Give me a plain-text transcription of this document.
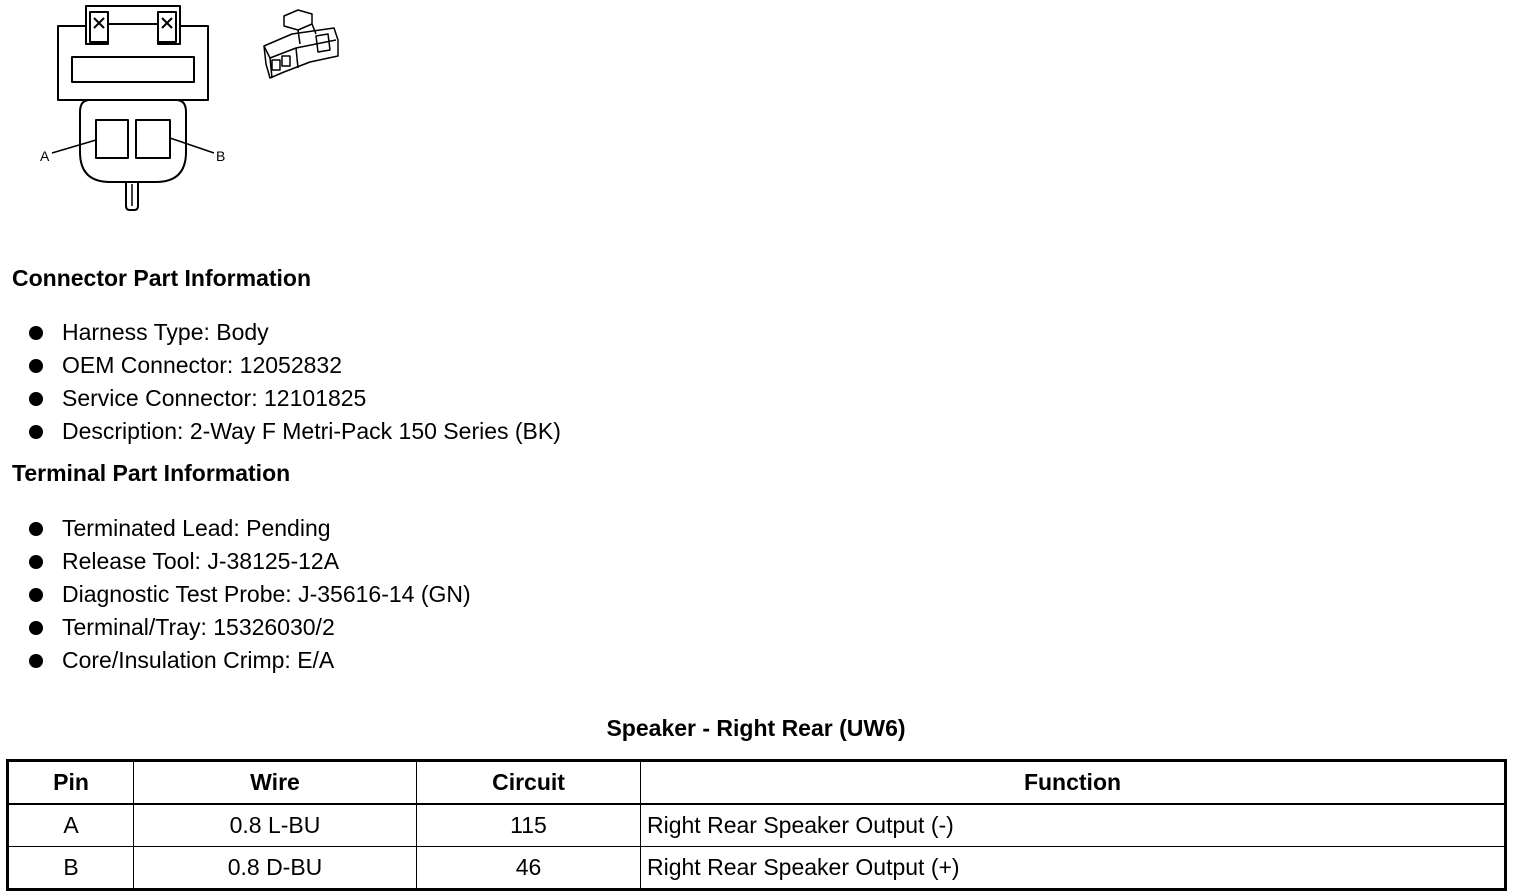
A	B
Connector Part Information
Harness Type: Body
OEM Connector: 12052832
Service Connector: 12101825
Description: 2-Way F Metri-Pack 150 Series (BK)
Terminal Part Information
Terminated Lead: Pending
Release Tool: J-38125-12A
Diagnostic Test Probe: J-35616-14 (GN)
Terminal/Tray: 15326030/2
Core/Insulation Crimp: E/A
Speaker - Right Rear (UW6)
Pin	Wire	Circuit	Function
A	0.8 L-BU	115	Right Rear Speaker Output (-)
B	0.8 D-BU	46	Right Rear Speaker Output (+)
